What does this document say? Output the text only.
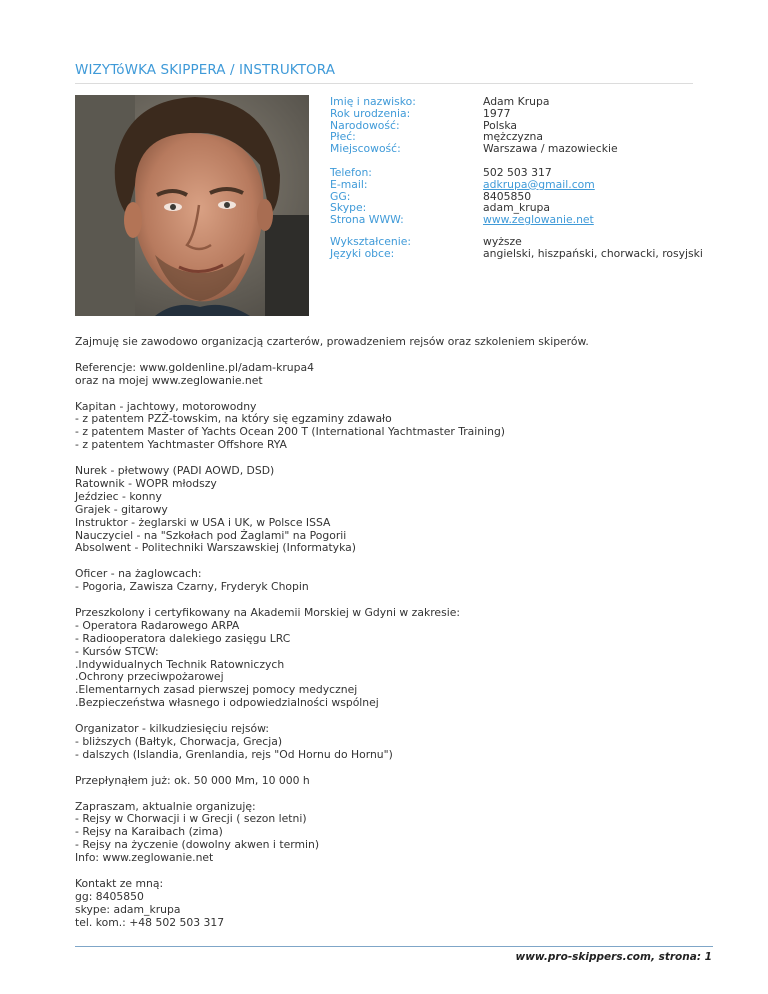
WIZYTóWKA SKIPPERA / INSTRUKTORA
Imię i nazwisko:
Rok urodzenia:
Narodowość:
Płeć:
Miejscowość:
Adam Krupa
1977
Polska
mężczyzna
Warszawa / mazowieckie
Telefon:
E-mail:
GG:
Skype:
Strona WWW:
502 503 317
adkrupa@gmail.com
8405850
adam_krupa
www.zeglowanie.net
Wykształcenie:
Języki obce:
wyższe
angielski, hiszpański, chorwacki, rosyjski
Zajmuję sie zawodowo organizacją czarterów, prowadzeniem rejsów oraz szkoleniem skiperów.
Referencje: www.goldenline.pl/adam-krupa4
oraz na mojej www.zeglowanie.net
Kapitan - jachtowy, motorowodny
- z patentem PZŻ-towskim, na który się egzaminy zdawało
- z patentem Master of Yachts Ocean 200 T (International Yachtmaster Training)
- z patentem Yachtmaster Offshore RYA
Nurek - płetwowy (PADI AOWD, DSD)
Ratownik - WOPR młodszy
Jeździec - konny
Grajek - gitarowy
Instruktor - żeglarski w USA i UK, w Polsce ISSA
Nauczyciel - na "Szkołach pod Żaglami" na Pogorii
Absolwent - Politechniki Warszawskiej (Informatyka)
Oficer - na żaglowcach:
- Pogoria, Zawisza Czarny, Fryderyk Chopin
Przeszkolony i certyfikowany na Akademii Morskiej w Gdyni w zakresie:
- Operatora Radarowego ARPA
- Radiooperatora dalekiego zasięgu LRC
- Kursów STCW:
.Indywidualnych Technik Ratowniczych
.Ochrony przeciwpożarowej
.Elementarnych zasad pierwszej pomocy medycznej
.Bezpieczeństwa własnego i odpowiedzialności wspólnej
Organizator - kilkudziesięciu rejsów:
- bliższych (Bałtyk, Chorwacja, Grecja)
- dalszych (Islandia, Grenlandia, rejs "Od Hornu do Hornu")
Przepłynąłem już: ok. 50 000 Mm, 10 000 h
Zapraszam, aktualnie organizuję:
- Rejsy w Chorwacji i w Grecji ( sezon letni)
- Rejsy na Karaibach (zima)
- Rejsy na życzenie (dowolny akwen i termin)
Info: www.zeglowanie.net
Kontakt ze mną:
gg: 8405850
skype: adam_krupa
tel. kom.: +48 502 503 317
www.pro-skippers.com, strona: 1
